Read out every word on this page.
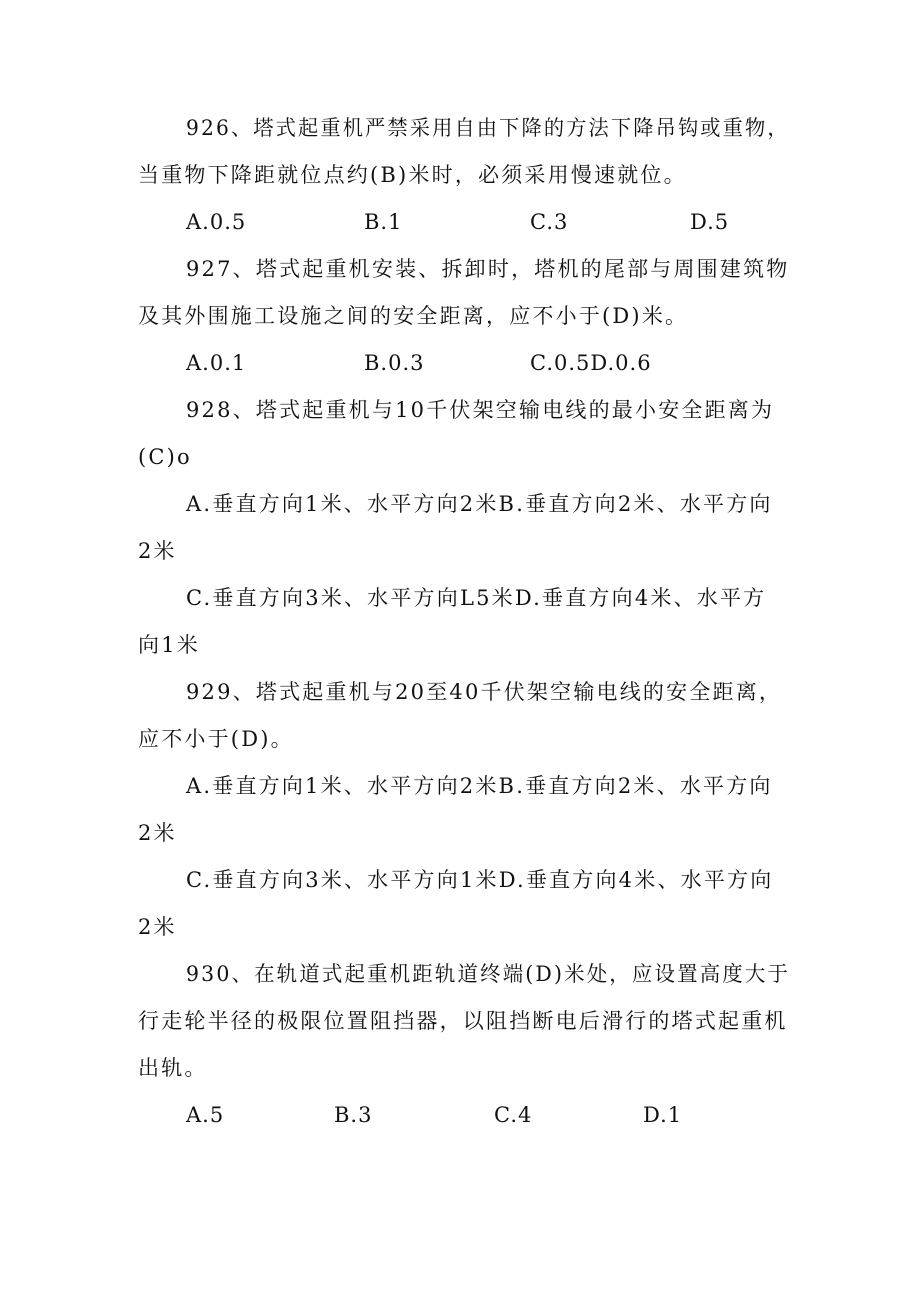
926、塔式起重机严禁采用自由下降的方法下降吊钩或重物，
当重物下降距就位点约(B)米时，必须采用慢速就位。
A.0.5	B.1	C.3	D.5
927、塔式起重机安装、拆卸时，塔机的尾部与周围建筑物
及其外围施工设施之间的安全距离，应不小于(D)米。
A.0.1	B.0.3	C.0.5D.0.6
928、塔式起重机与10千伏架空输电线的最小安全距离为
(C)o
A.垂直方向1米、水平方向2米B.垂直方向2米、水平方向
2米
C.垂直方向3米、水平方向L5米D.垂直方向4米、水平方
向1米
929、塔式起重机与20至40千伏架空输电线的安全距离，
应不小于(D)。
A.垂直方向1米、水平方向2米B.垂直方向2米、水平方向
2米
C.垂直方向3米、水平方向1米D.垂直方向4米、水平方向
2米
930、在轨道式起重机距轨道终端(D)米处，应设置高度大于
行走轮半径的极限位置阻挡器，以阻挡断电后滑行的塔式起重机
出轨。
A.5	B.3	C.4	D.1
